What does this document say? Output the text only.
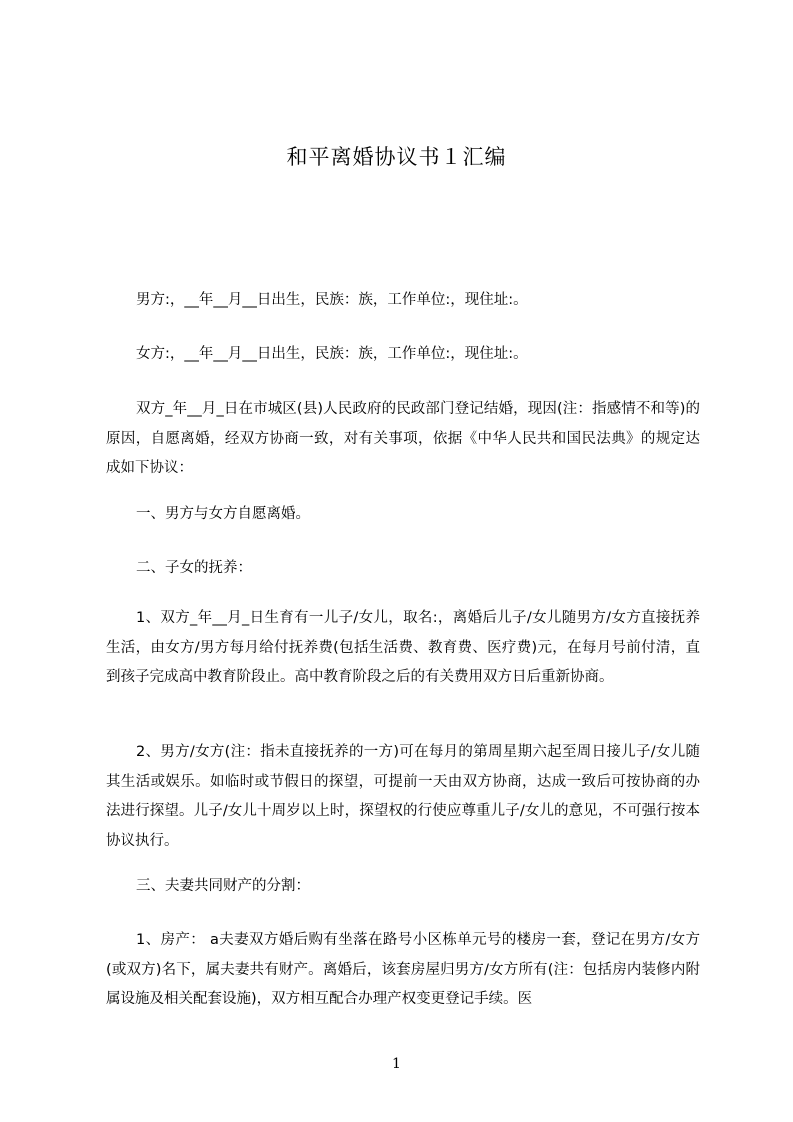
和平离婚协议书１汇编

男方:，__年__月__日出生，民族：族，工作单位:，现住址:。

女方:，__年__月__日出生，民族：族，工作单位:，现住址:。

双方_年__月_日在市城区(县)人民政府的民政部门登记结婚，现因(注：指感情不和等)的原因，自愿离婚，经双方协商一致，对有关事项，依据《中华人民共和国民法典》的规定达成如下协议：

一、男方与女方自愿离婚。

二、子女的抚养：

1、双方_年__月_日生育有一儿子/女儿，取名:，离婚后儿子/女儿随男方/女方直接抚养生活，由女方/男方每月给付抚养费(包括生活费、教育费、医疗费)元，在每月号前付清，直到孩子完成高中教育阶段止。高中教育阶段之后的有关费用双方日后重新协商。

2、男方/女方(注：指未直接抚养的一方)可在每月的第周星期六起至周日接儿子/女儿随其生活或娱乐。如临时或节假日的探望，可提前一天由双方协商，达成一致后可按协商的办法进行探望。儿子/女儿十周岁以上时，探望权的行使应尊重儿子/女儿的意见，不可强行按本协议执行。

三、夫妻共同财产的分割：

1、房产： a夫妻双方婚后购有坐落在路号小区栋单元号的楼房一套，登记在男方/女方(或双方)名下，属夫妻共有财产。离婚后，该套房屋归男方/女方所有(注：包括房内装修内附属设施及相关配套设施)，双方相互配合办理产权变更登记手续。医

1
